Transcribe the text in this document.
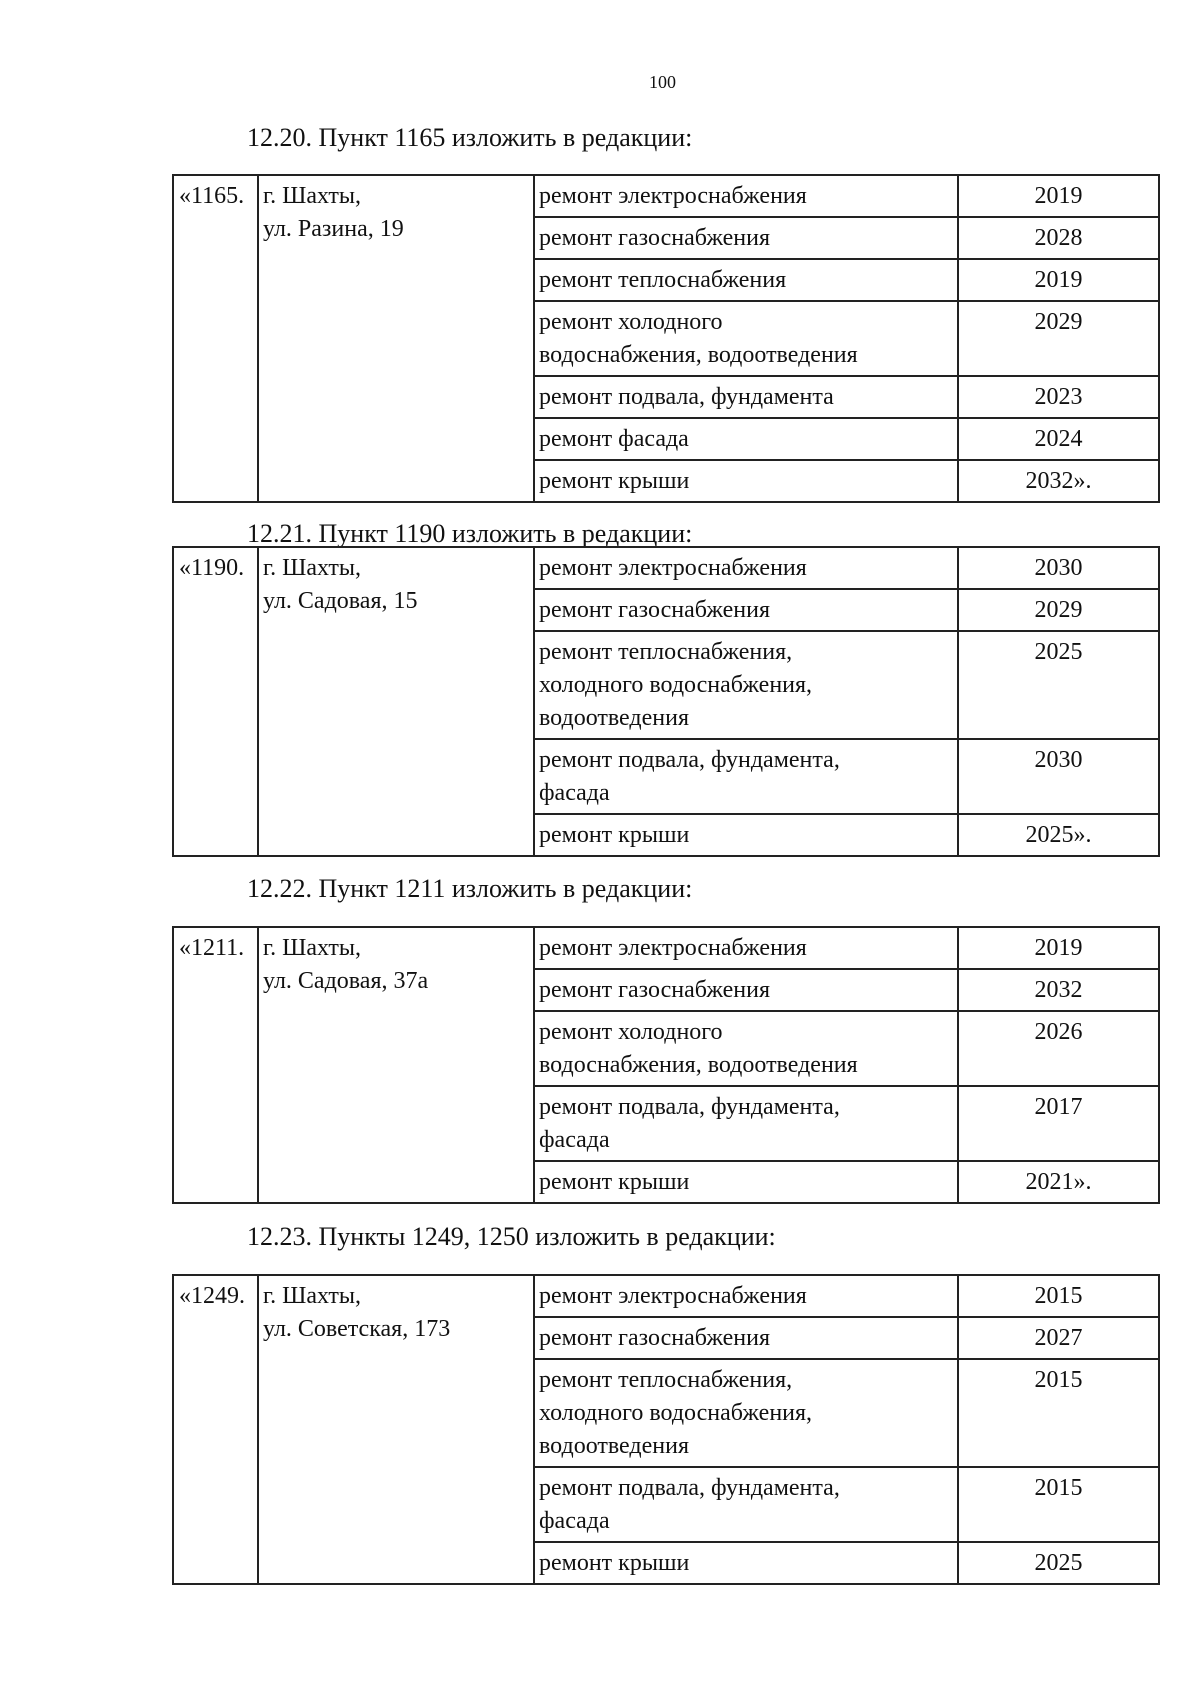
100
12.20. Пункт 1165 изложить в редакции:
«1165.	г. Шахты,
ул. Разина, 19	ремонт электроснабжения	2019

		ремонт газоснабжения	2028

		ремонт теплоснабжения	2019

		ремонт холодного
водоснабжения, водоотведения	2029

		ремонт подвала, фундамента	2023

		ремонт фасада	2024

		ремонт крыши	2032».
12.21. Пункт 1190 изложить в редакции:
«1190.	г. Шахты,
ул. Садовая, 15	ремонт электроснабжения	2030

		ремонт газоснабжения	2029

		ремонт теплоснабжения,
холодного водоснабжения,
водоотведения	2025

		ремонт подвала, фундамента,
фасада	2030

		ремонт крыши	2025».
12.22. Пункт 1211 изложить в редакции:
«1211.	г. Шахты,
ул. Садовая, 37а	ремонт электроснабжения	2019

		ремонт газоснабжения	2032

		ремонт холодного
водоснабжения, водоотведения	2026

		ремонт подвала, фундамента,
фасада	2017

		ремонт крыши	2021».
12.23. Пункты 1249, 1250 изложить в редакции:
«1249.	г. Шахты,
ул. Советская, 173	ремонт электроснабжения	2015

		ремонт газоснабжения	2027

		ремонт теплоснабжения,
холодного водоснабжения,
водоотведения	2015

		ремонт подвала, фундамента,
фасада	2015

		ремонт крыши	2025
